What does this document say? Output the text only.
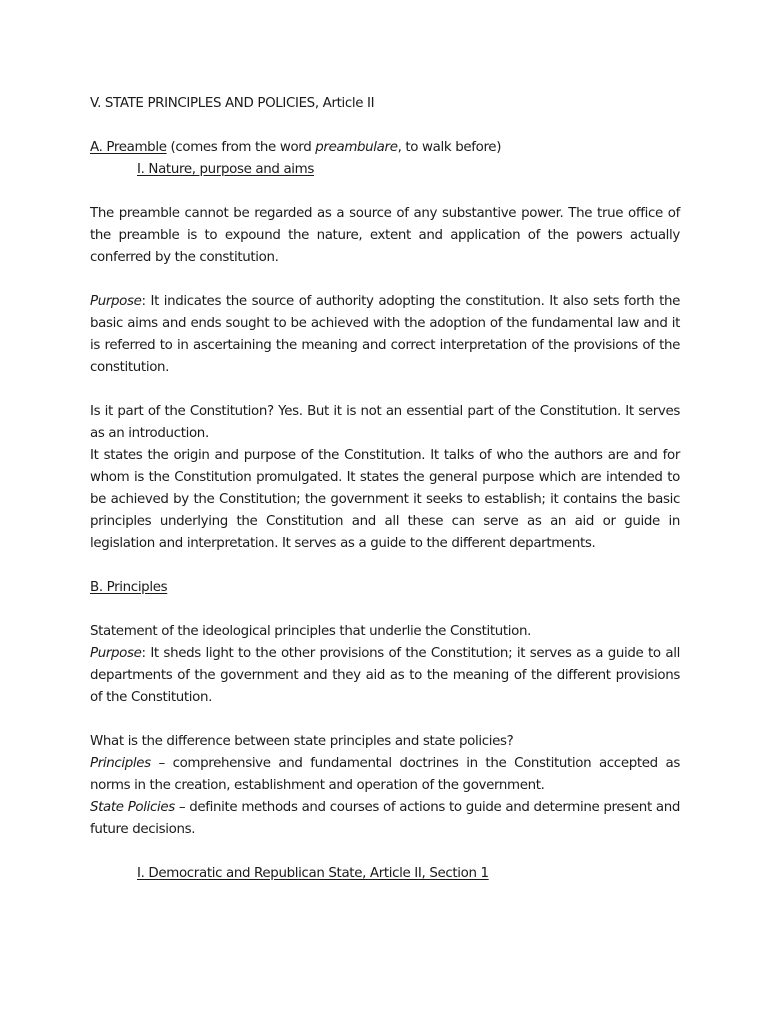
V. STATE PRINCIPLES AND POLICIES, Article II
A. Preamble (comes from the word preambulare, to walk before)
I. Nature, purpose and aims
The preamble cannot be regarded as a source of any substantive power. The true office of the preamble is to expound the nature, extent and application of the powers actually conferred by the constitution.
Purpose: It indicates the source of authority adopting the constitution. It also sets forth the basic aims and ends sought to be achieved with the adoption of the fundamental law and it is referred to in ascertaining the meaning and correct interpretation of the provisions of the constitution.
Is it part of the Constitution? Yes. But it is not an essential part of the Constitution. It serves as an introduction.
It states the origin and purpose of the Constitution. It talks of who the authors are and for whom is the Constitution promulgated. It states the general purpose which are intended to be achieved by the Constitution; the government it seeks to establish; it contains the basic principles underlying the Constitution and all these can serve as an aid or guide in legislation and interpretation. It serves as a guide to the different departments.
B. Principles
Statement of the ideological principles that underlie the Constitution.
Purpose: It sheds light to the other provisions of the Constitution; it serves as a guide to all departments of the government and they aid as to the meaning of the different provisions of the Constitution.
What is the difference between state principles and state policies?
Principles – comprehensive and fundamental doctrines in the Constitution accepted as norms in the creation, establishment and operation of the government.
State Policies – definite methods and courses of actions to guide and determine present and future decisions.
I. Democratic and Republican State, Article II, Section 1
